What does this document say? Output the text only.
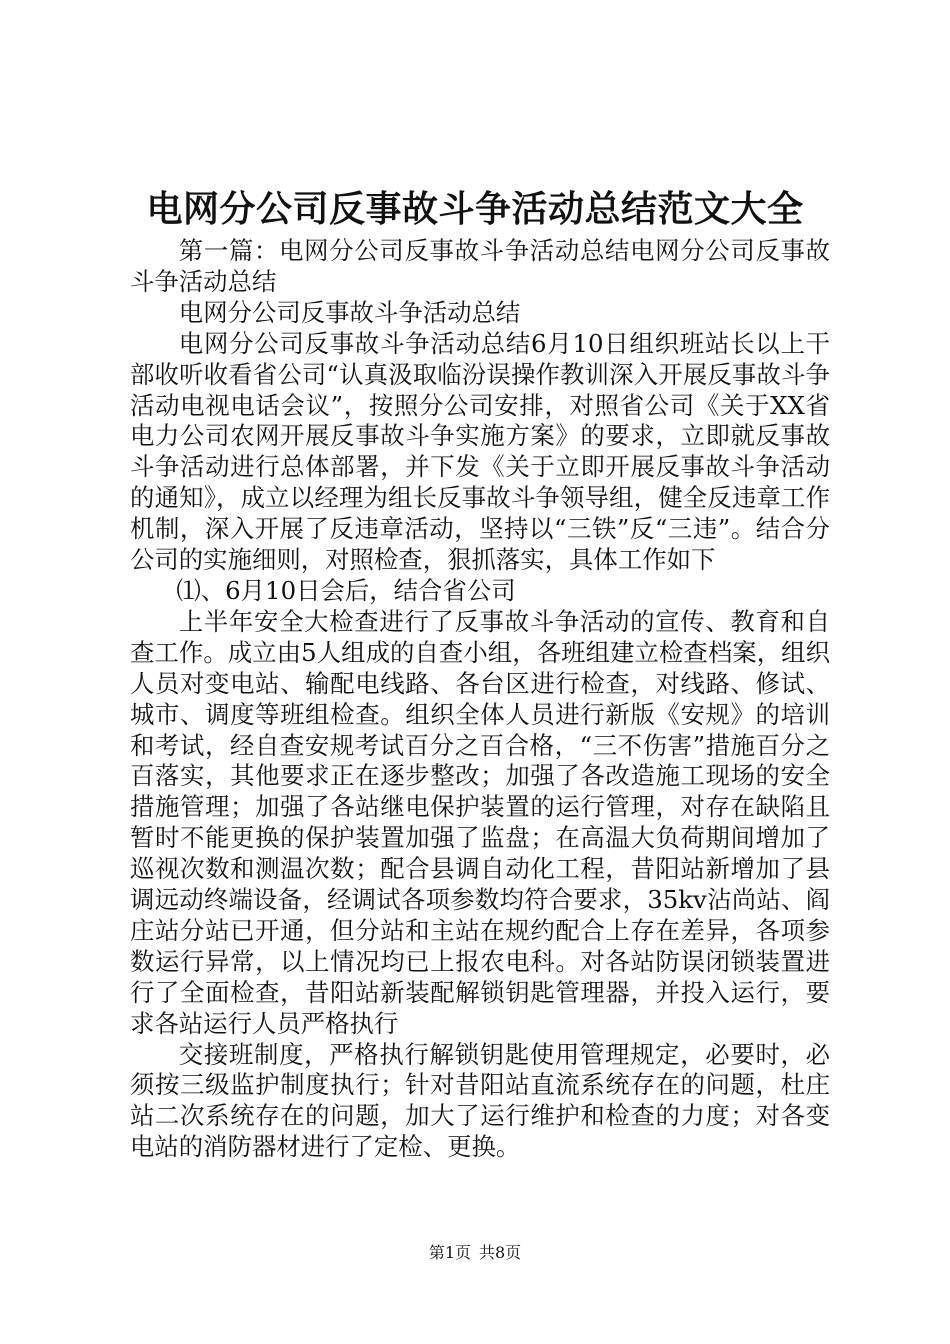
电网分公司反事故斗争活动总结范文大全

第一篇：电网分公司反事故斗争活动总结电网分公司反事故斗争活动总结

电网分公司反事故斗争活动总结

电网分公司反事故斗争活动总结6月10日组织班站长以上干部收听收看省公司“认真汲取临汾误操作教训深入开展反事故斗争活动电视电话会议”，按照分公司安排，对照省公司《关于XX省电力公司农网开展反事故斗争实施方案》的要求，立即就反事故斗争活动进行总体部署，并下发《关于立即开展反事故斗争活动的通知》，成立以经理为组长反事故斗争领导组，健全反违章工作机制，深入开展了反违章活动，坚持以“三铁”反“三违”。结合分公司的实施细则，对照检查，狠抓落实，具体工作如下

⑴、6月10日会后，结合省公司

上半年安全大检查进行了反事故斗争活动的宣传、教育和自查工作。成立由5人组成的自查小组，各班组建立检查档案，组织人员对变电站、输配电线路、各台区进行检查，对线路、修试、城市、调度等班组检查。组织全体人员进行新版《安规》的培训和考试，经自查安规考试百分之百合格，“三不伤害”措施百分之百落实，其他要求正在逐步整改；加强了各改造施工现场的安全措施管理；加强了各站继电保护装置的运行管理，对存在缺陷且暂时不能更换的保护装置加强了监盘；在高温大负荷期间增加了巡视次数和测温次数；配合县调自动化工程，昔阳站新增加了县调远动终端设备，经调试各项参数均符合要求，35kv沾尚站、阎庄站分站已开通，但分站和主站在规约配合上存在差异，各项参数运行异常，以上情况均已上报农电科。对各站防误闭锁装置进行了全面检查，昔阳站新装配解锁钥匙管理器，并投入运行，要求各站运行人员严格执行

交接班制度，严格执行解锁钥匙使用管理规定，必要时，必须按三级监护制度执行；针对昔阳站直流系统存在的问题，杜庄站二次系统存在的问题，加大了运行维护和检查的力度；对各变电站的消防器材进行了定检、更换。

第1页 共8页
